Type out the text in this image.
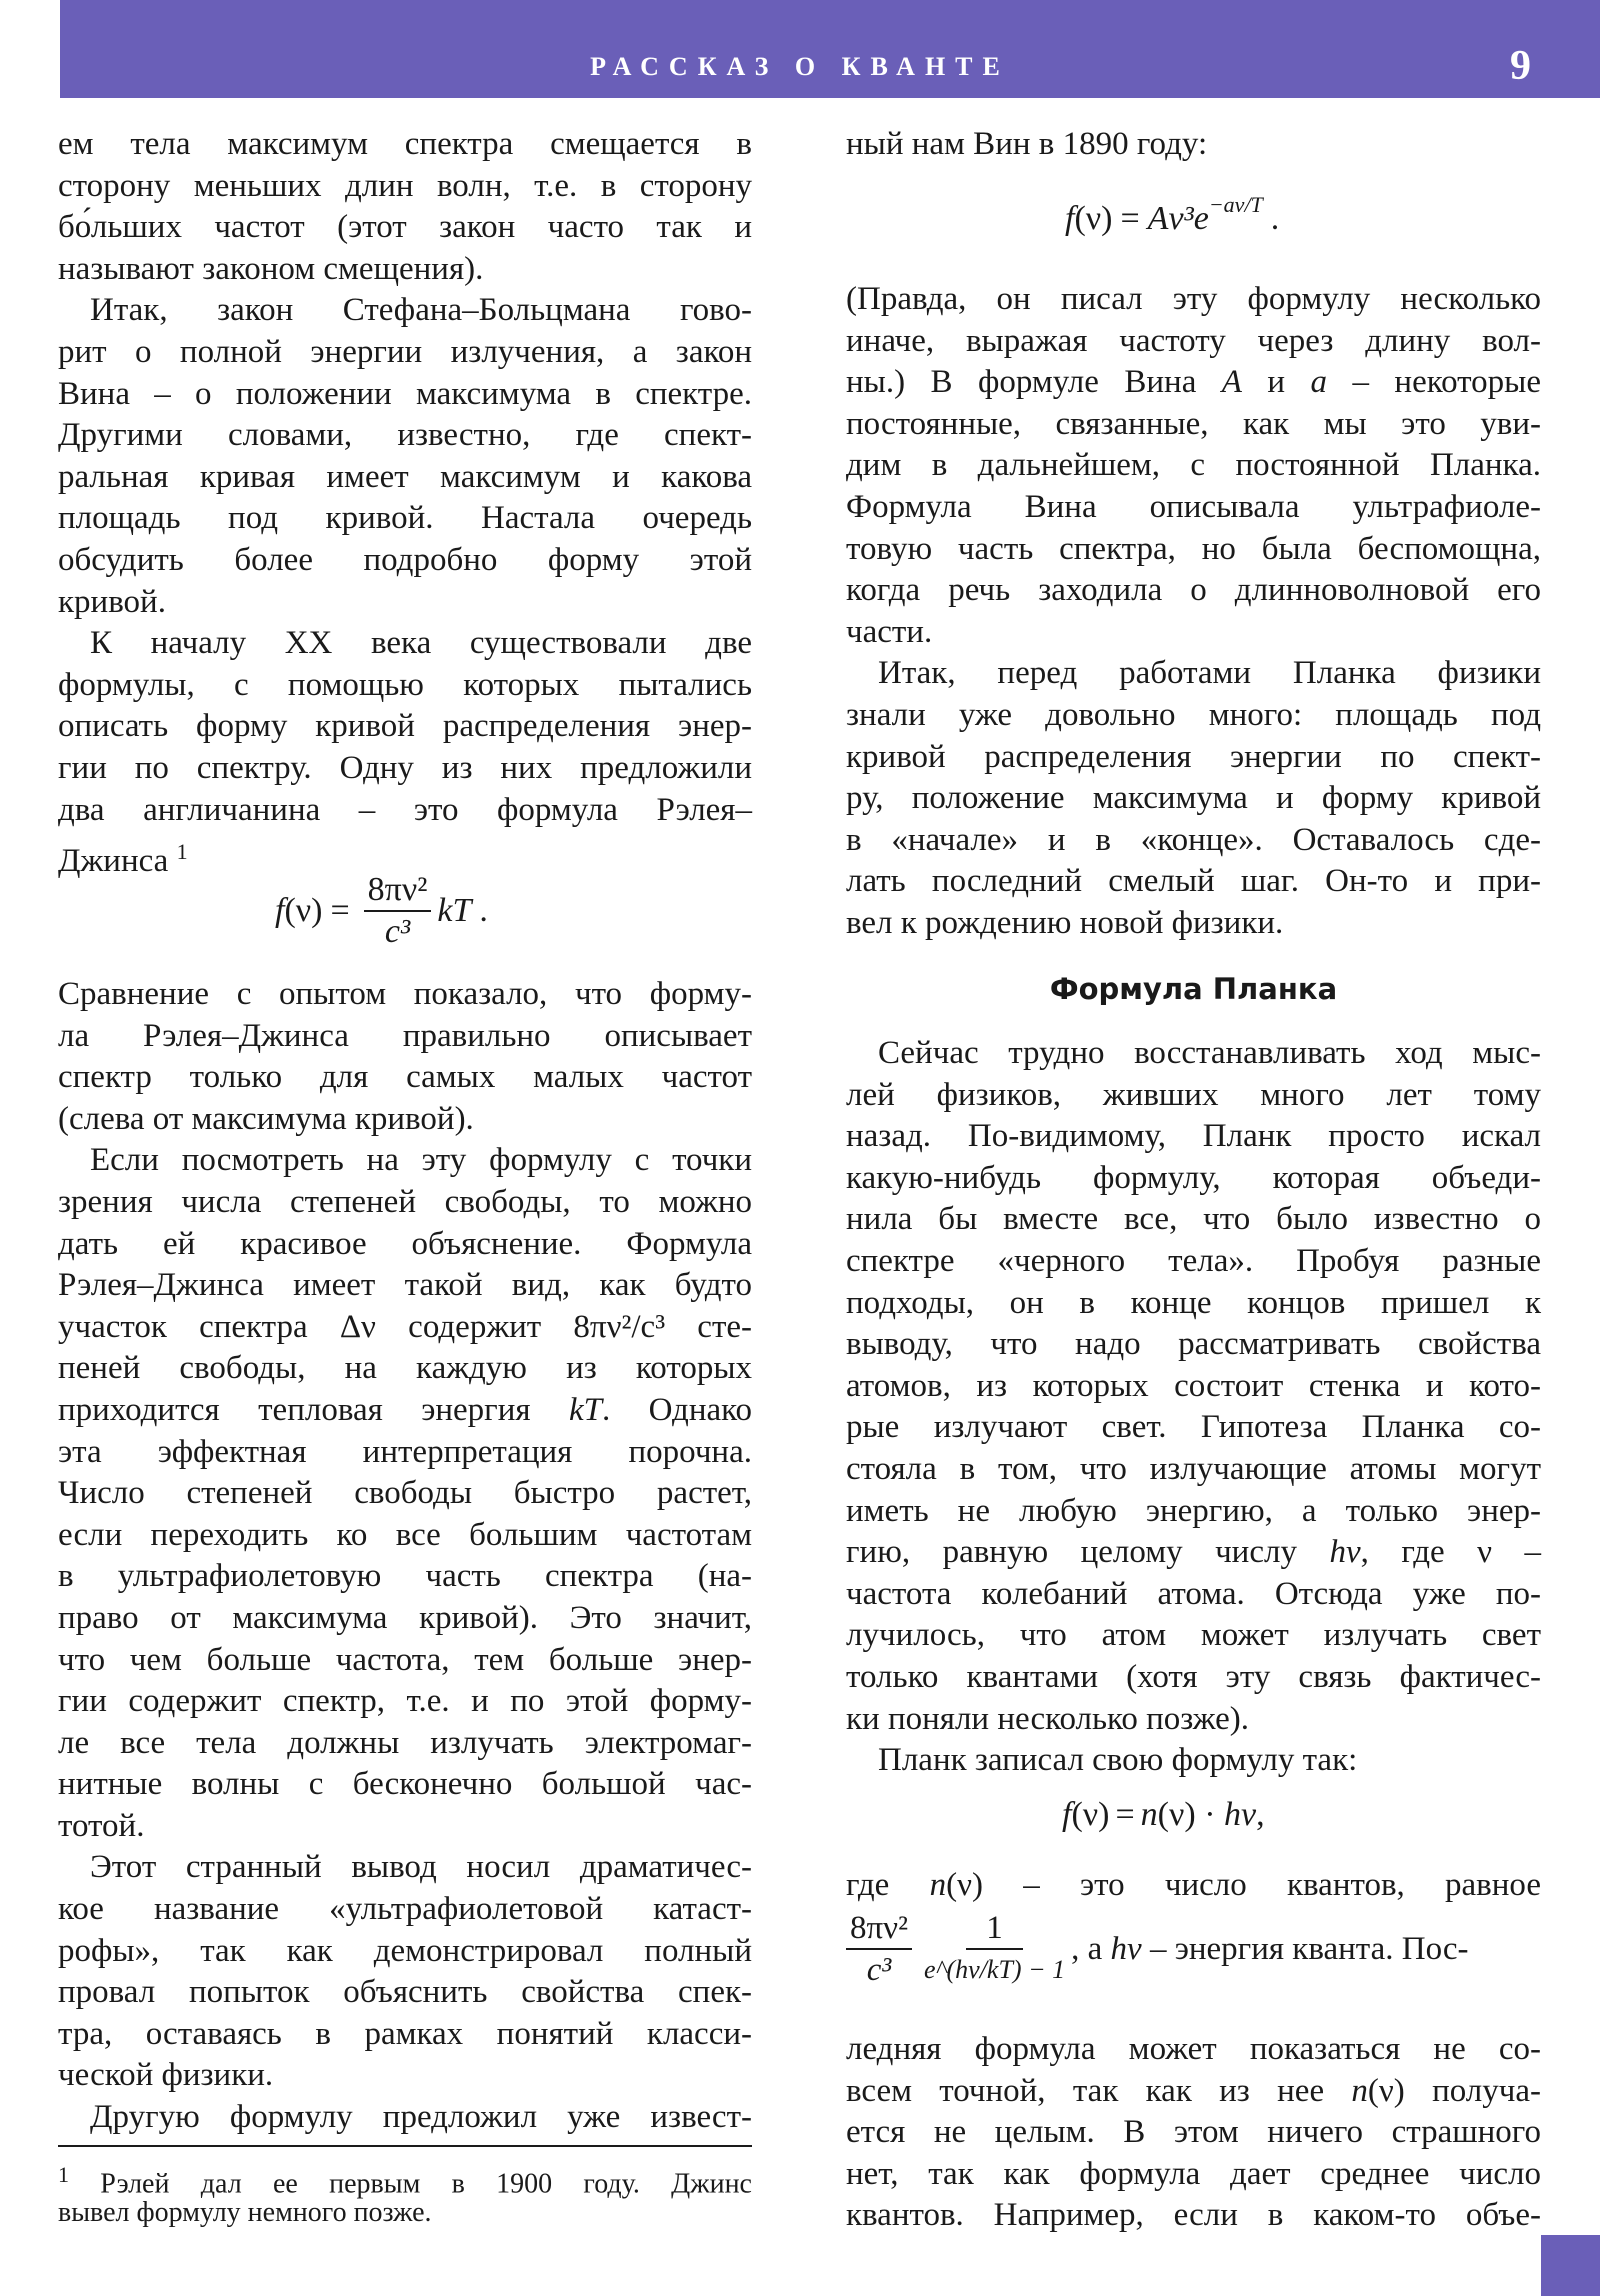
РАССКАЗ О КВАНТЕ	9
ем тела максимум спектра смещается в
сторону меньших длин волн, т.е. в сторону
бо́льших частот (этот закон часто так и
называют законом смещения).
Итак, закон Стефана–Больцмана гово-
рит о полной энергии излучения, а закон
Вина – о положении максимума в спектре.
Другими словами, известно, где спект-
ральная кривая имеет максимум и какова
площадь под кривой. Настала очередь
обсудить более подробно форму этой
кривой.
К началу XX века существовали две
формулы, с помощью которых пытались
описать форму кривой распределения энер-
гии по спектру. Одну из них предложили
два англичанина – это формула Рэлея–
Джинса $^1$
f $(\nu) = \frac{\text{8πν²}}{\text{c³}}$ kT .
Сравнение с опытом показало, что форму-
ла Рэлея–Джинса правильно описывает
спектр только для самых малых частот
(слева от максимума кривой).
Если посмотреть на эту формулу с точки
зрения числа степеней свободы, то можно
дать ей красивое объяснение. Формула
Рэлея–Джинса имеет такой вид, как будто
участок спектра Δν содержит 8πν²/c³ сте-
пеней свободы, на каждую из которых
приходится тепловая энергия kT. Однако
эта эффектная интерпретация порочна.
Число степеней свободы быстро растет,
если переходить ко все большим частотам
в ультрафиолетовую часть спектра (на-
право от максимума кривой). Это значит,
что чем больше частота, тем больше энер-
гии содержит спектр, т.е. и по этой форму-
ле все тела должны излучать электромаг-
нитные волны с бесконечно большой час-
тотой.
Этот странный вывод носил драматичес-
кое название «ультрафиолетовой катаст-
рофы», так как демонстрировал полный
провал попыток объяснить свойства спек-
тра, оставаясь в рамках понятий класси-
ческой физики.
Другую формулу предложил уже извест-
$^1$ Рэлей дал ее первым в 1900 году. Джинс
вывел формулу немного позже.
ный нам Вин в 1890 году:
f $(\nu) = A\nu^3e^{-a\nu/T}$ .
(Правда, он писал эту формулу несколько
иначе, выражая частоту через длину вол-
ны.) В формуле Вина A и a – некоторые
постоянные, связанные, как мы это уви-
дим в дальнейшем, с постоянной Планка.
Формула Вина описывала ультрафиоле-
товую часть спектра, но была беспомощна,
когда речь заходила о длинноволновой его
части.
Итак, перед работами Планка физики
знали уже довольно много: площадь под
кривой распределения энергии по спект-
ру, положение максимума и форму кривой
в «начале» и в «конце». Оставалось сде-
лать последний смелый шаг. Он-то и при-
вел к рождению новой физики.
Формула Планка
Сейчас трудно восстанавливать ход мыс-
лей физиков, живших много лет тому
назад. По-видимому, Планк просто искал
какую-нибудь формулу, которая объеди-
нила бы вместе все, что было известно о
спектре «черного тела». Пробуя разные
подходы, он в конце концов пришел к
выводу, что надо рассматривать свойства
атомов, из которых состоит стенка и кото-
рые излучают свет. Гипотеза Планка со-
стояла в том, что излучающие атомы могут
иметь не любую энергию, а только энер-
гию, равную целому числу hν, где ν –
частота колебаний атома. Отсюда уже по-
лучилось, что атом может излучать свет
только квантами (хотя эту связь фактичес-
ки поняли несколько позже).
Планк записал свою формулу так:
f (ν) = n (ν) · hν ,
где n(ν) – это число квантов, равное
$\frac{\text{8πν²}}{\text{c³}} \frac{1}{e\^{}(h\nu/kT) - 1}$ , а hν – энергия кванта. Пос-
ледняя формула может показаться не со-
всем точной, так как из нее n(ν) получа-
ется не целым. В этом ничего страшного
нет, так как формула дает среднее число
квантов. Например, если в каком-то объе-
